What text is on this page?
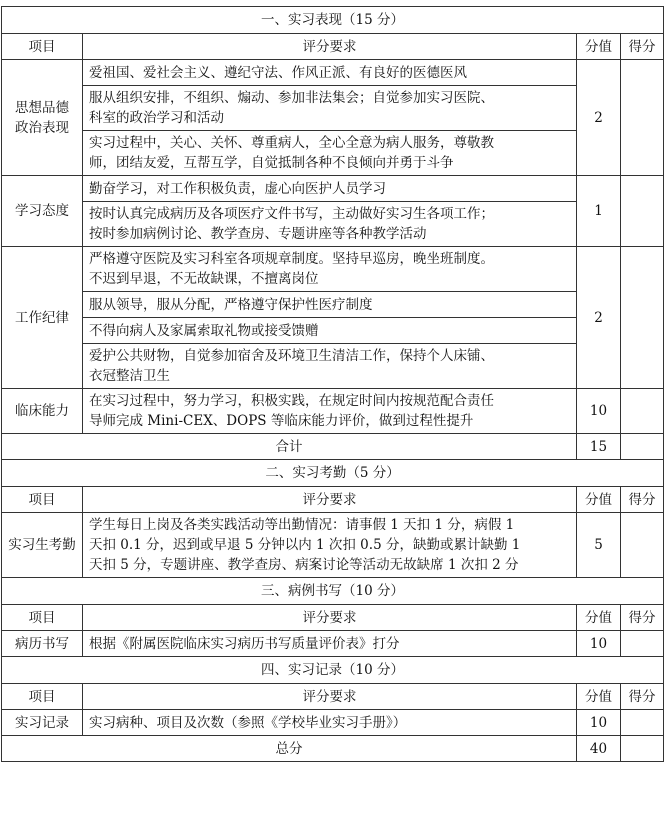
一、实习表现（15 分）			
项目	评分要求	分值	得分

思想品德
政治表现	爱祖国、爱社会主义、遵纪守法、作风正派、有良好的医德医风	2	

	服从组织安排，不组织、煽动、参加非法集会；自觉参加实习医院、
科室的政治学习和活动		

	实习过程中，关心、关怀、尊重病人，全心全意为病人服务，尊敬教
师，团结友爱，互帮互学，自觉抵制各种不良倾向并勇于斗争		

学习态度	勤奋学习，对工作积极负责，虚心向医护人员学习	1	

	按时认真完成病历及各项医疗文件书写，主动做好实习生各项工作；
按时参加病例讨论、教学查房、专题讲座等各种教学活动		

工作纪律	严格遵守医院及实习科室各项规章制度。坚持早巡房，晚坐班制度。
不迟到早退，不无故缺课，不擅离岗位	2	

	服从领导，服从分配，严格遵守保护性医疗制度		

	不得向病人及家属索取礼物或接受馈赠		

	爱护公共财物，自觉参加宿舍及环境卫生清洁工作，保持个人床铺、
衣冠整洁卫生		

临床能力	在实习过程中，努力学习，积极实践，在规定时间内按规范配合责任
导师完成 Mini-CEX、DOPS 等临床能力评价，做到过程性提升	10	
合计		15	
二、实习考勤（5 分）			
项目	评分要求	分值	得分

实习生考勤	学生每日上岗及各类实践活动等出勤情况：请事假 1 天扣 1 分，病假 1
天扣 0.1 分，迟到或早退 5 分钟以内 1 次扣 0.5 分，缺勤或累计缺勤 1
天扣 5 分，专题讲座、教学查房、病案讨论等活动无故缺席 1 次扣 2 分	5	
三、病例书写（10 分）			
项目	评分要求	分值	得分

病历书写	根据《附属医院临床实习病历书写质量评价表》打分	10	
四、实习记录（10 分）			
项目	评分要求	分值	得分

实习记录	实习病种、项目及次数（参照《学校毕业实习手册》）	10	
总分		40	
